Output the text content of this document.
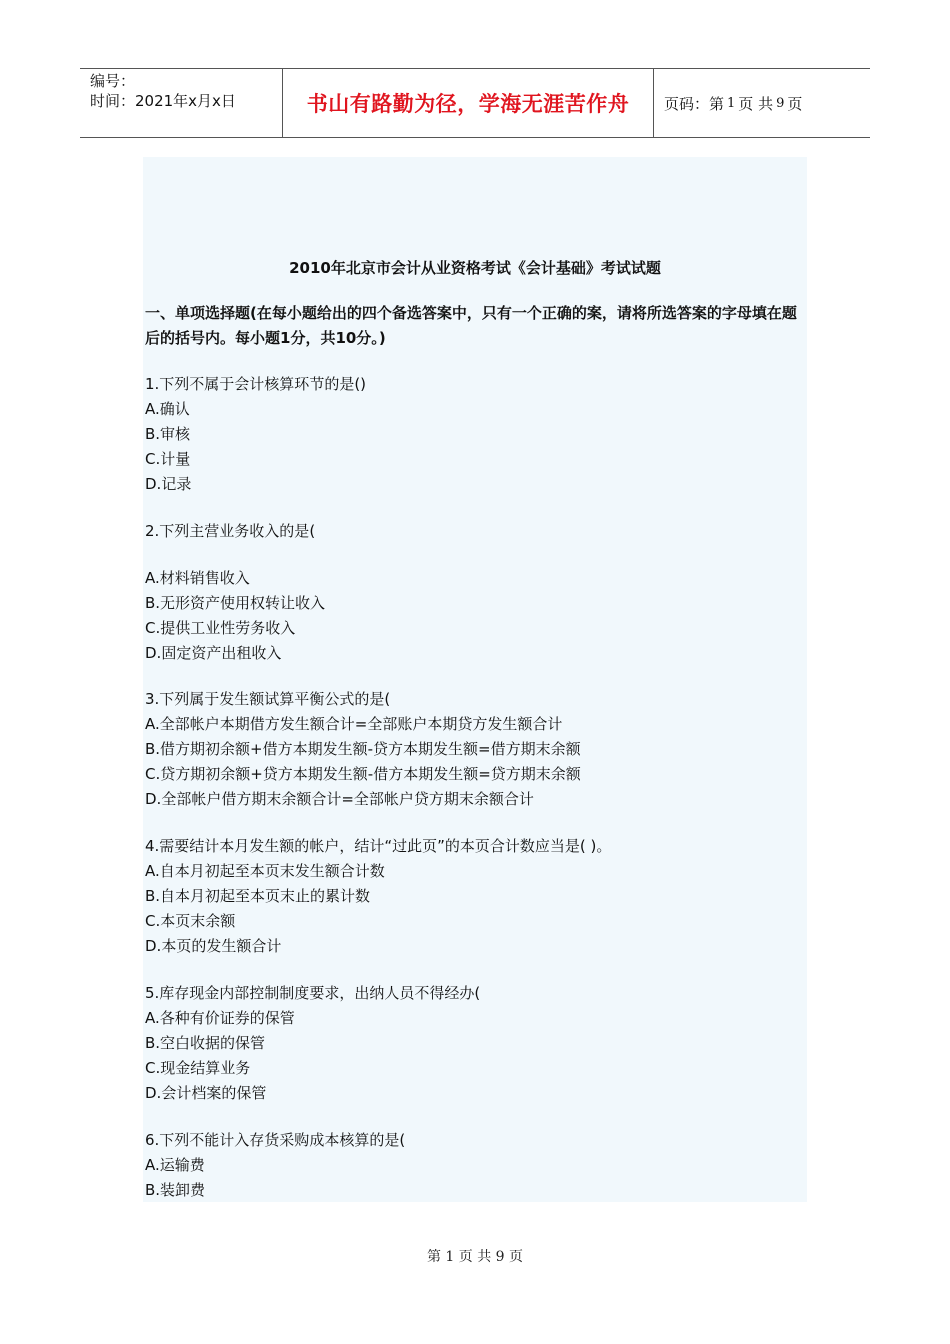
编号：
时间：2021年x月x日	书山有路勤为径，学海无涯苦作舟	页码：第 1 页 共 9 页
2010年北京市会计从业资格考试《会计基础》考试试题
一、单项选择题(在每小题给出的四个备选答案中，只有一个正确的案，请将所选答案的字母填在题后的括号内。每小题1分，共10分。)
1.下列不属于会计核算环节的是()
A.确认
B.审核
C.计量
D.记录
2.下列主营业务收入的是(
A.材料销售收入
B.无形资产使用权转让收入
C.提供工业性劳务收入
D.固定资产出租收入
3.下列属于发生额试算平衡公式的是(
A.全部帐户本期借方发生额合计=全部账户本期贷方发生额合计
B.借方期初余额+借方本期发生额-贷方本期发生额=借方期末余额
C.贷方期初余额+贷方本期发生额-借方本期发生额=贷方期末余额
D.全部帐户借方期末余额合计=全部帐户贷方期末余额合计
4.需要结计本月发生额的帐户，结计“过此页”的本页合计数应当是( )。
A.自本月初起至本页末发生额合计数
B.自本月初起至本页末止的累计数
C.本页末余额
D.本页的发生额合计
5.库存现金内部控制制度要求，出纳人员不得经办(
A.各种有价证券的保管
B.空白收据的保管
C.现金结算业务
D.会计档案的保管
6.下列不能计入存货采购成本核算的是(
A.运输费
B.装卸费
第 1 页 共 9 页
